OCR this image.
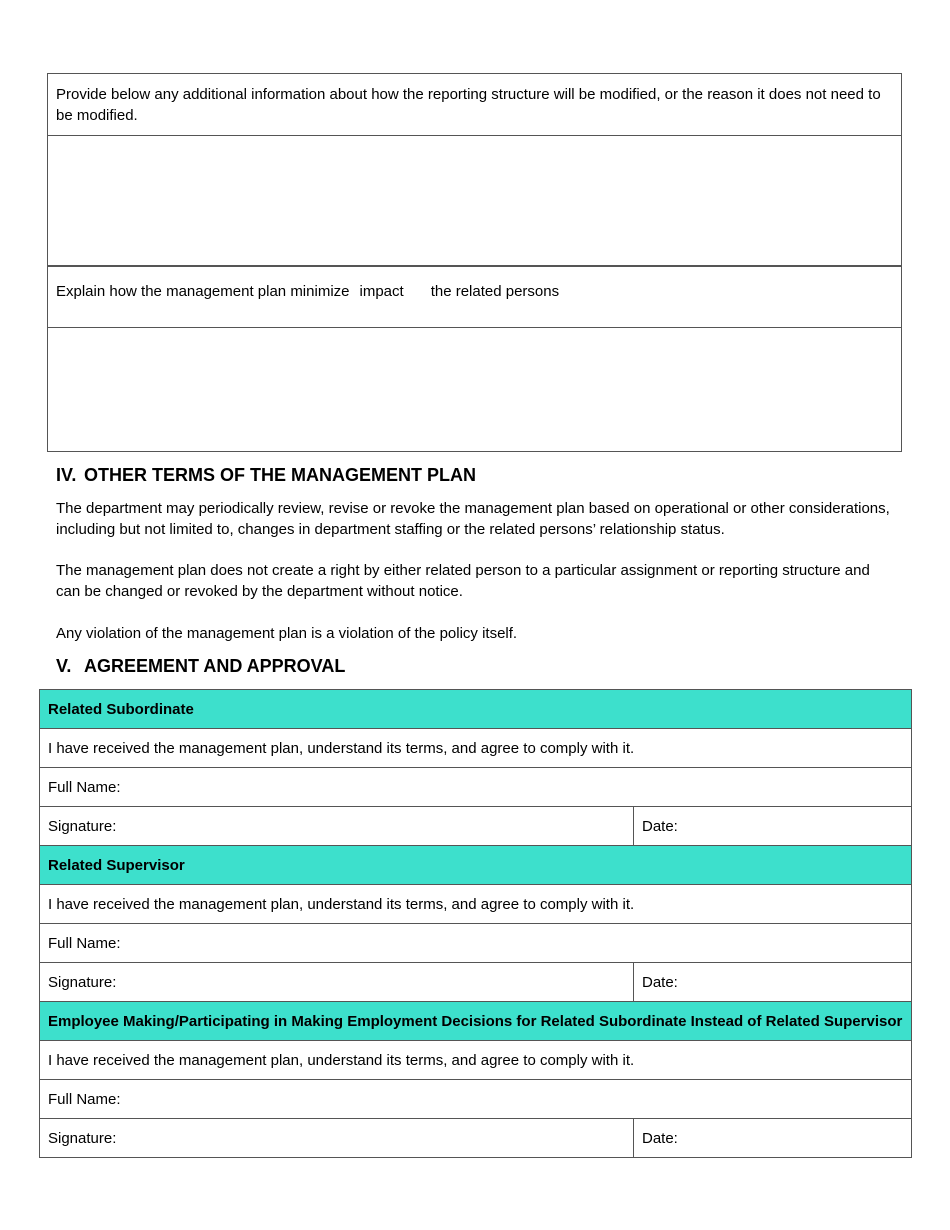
Provide below any additional information about how the reporting structure will be modified, or the reason it does not need to be modified.
Explain how the management plan minimize impact the related persons
IV. OTHER TERMS OF THE MANAGEMENT PLAN
The department may periodically review, revise or revoke the management plan based on operational or other considerations, including but not limited to, changes in department staffing or the related persons’ relationship status.
The management plan does not create a right by either related person to a particular assignment or reporting structure and can be changed or revoked by the department without notice.
Any violation of the management plan is a violation of the policy itself.
V. AGREEMENT AND APPROVAL
Related Subordinate	
I have received the management plan, understand its terms, and agree to comply with it.	
Full Name:	
Signature:	Date:
Related Supervisor	
I have received the management plan, understand its terms, and agree to comply with it.	
Full Name:	
Signature:	Date:
Employee Making/Participating in Making Employment Decisions for Related Subordinate Instead of Related Supervisor	
I have received the management plan, understand its terms, and agree to comply with it.	
Full Name:	
Signature:	Date:
